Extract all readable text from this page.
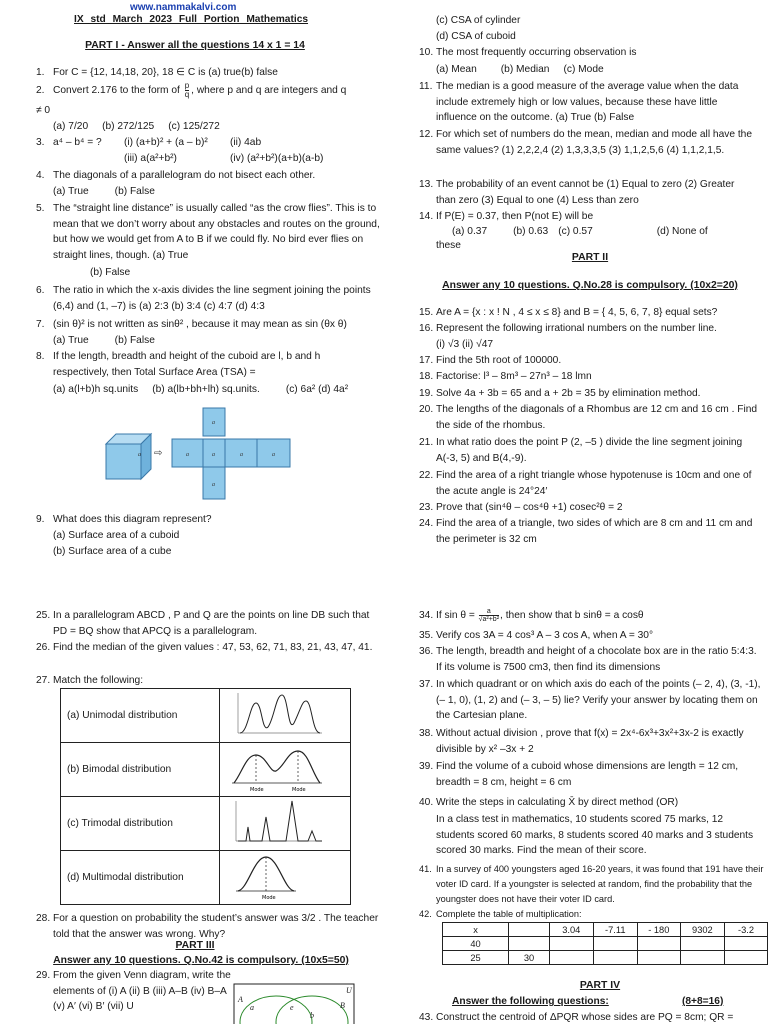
www.nammakalvi.com
IX std March 2023 Full Portion Mathematics
PART I - Answer all the questions 14 x 1 = 14
1. For C = {12, 14,18, 20}, 18 ∈ C is (a) true(b) false
2. Convert 2.176 to the form of $\frac{p}{q}$ , where p and q are integers and q
≠ 0
(a) 7/20 (b) 272/125 (c) 125/272
3. a⁴ – b⁴ = ?	(i) (a+b)² + (a – b)² (ii) 4ab
(iii) a(a²+b²)	(iv) (a²+b²)(a+b)(a-b)
4. The diagonals of a parallelogram do not bisect each other.
(a) True	(b) False
5. The “straight line distance” is usually called “as the crow flies”. This is to mean that we don’t worry about any obstacles and routes on the ground, but how we would get from A to B if we could fly. No bird ever flies on straight lines, though. (a) True
(b) False
6. The ratio in which the x-axis divides the line segment joining the points (6,4) and (1, –7) is (a) 2:3 (b) 3:4 (c) 4:7 (d) 4:3
7. (sin θ)² is not written as sinθ² , because it may mean as sin (θx θ)
(a) True	(b) False
8. If the length, breadth and height of the cuboid are l, b and h respectively, then Total Surface Area (TSA) =
(a) a(l+b)h sq.units (b) a(lb+bh+lh) sq.units.	(c) 6a² (d) 4a²
⇨
a
a	a	a	a
a
a
9. What does this diagram represent?
(a) Surface area of a cuboid
(b) Surface area of a cube
(c) CSA of cylinder
(d) CSA of cuboid
10. The most frequently occurring observation is
(a) Mean (b) Median (c) Mode
11. The median is a good measure of the average value when the data include extremely high or low values, because these have little influence on the outcome. (a) True (b) False
12. For which set of numbers do the mean, median and mode all have the same values? (1) 2,2,2,4 (2) 1,3,3,3,5 (3) 1,1,2,5,6 (4) 1,1,2,1,5.
13. The probability of an event cannot be (1) Equal to zero (2) Greater than zero (3) Equal to one (4) Less than zero
14. If P(E) = 0.37, then P(not E) will be
(a) 0.37	(b) 0.63 (c) 0.57	(d) None of
these
PART II
Answer any 10 questions. Q.No.28 is compulsory. (10x2=20)
15. Are A = {x : x ! N , 4 ≤ x ≤ 8} and B = { 4, 5, 6, 7, 8} equal sets?
16. Represent the following irrational numbers on the number line.
(i) √3 (ii) √47
17. Find the 5th root of 100000.
18. Factorise: l³ – 8m³ – 27n³ – 18 lmn
19. Solve 4a + 3b = 65 and a + 2b = 35 by elimination method.
20. The lengths of the diagonals of a Rhombus are 12 cm and 16 cm . Find the side of the rhombus.
21. In what ratio does the point P (2, –5 ) divide the line segment joining A(-3, 5) and B(4,-9).
22. Find the area of a right triangle whose hypotenuse is 10cm and one of the acute angle is 24°24′
23. Prove that (sin⁴θ – cos⁴θ +1) cosec²θ = 2
24. Find the area of a triangle, two sides of which are 8 cm and 11 cm and the perimeter is 32 cm
25. In a parallelogram ABCD , P and Q are the points on line DB such that PD = BQ show that APCQ is a parallelogram.
26. Find the median of the given values : 47, 53, 62, 71, 83, 21, 43, 47, 41.
27. Match the following:
(a) Unimodal distribution	
(b) Bimodal distribution	Mode Mode

(c) Trimodal distribution	
(d) Multimodal distribution	Mode
28. For a question on probability the student’s answer was 3/2 . The teacher told that the answer was wrong. Why?
PART III
Answer any 10 questions. Q.No.42 is compulsory. (10x5=50)
29. From the given Venn diagram, write the elements of (i) A (ii) B (iii) A–B (iv) B–A (v) A′ (vi) B′ (vii) U
A
B
U
a	e
b
34. If $\sin \theta = \frac{a}{\text{√a²+b²}}$, then show that b sinθ = a cosθ
35. Verify cos 3A = 4 cos³ A – 3 cos A, when A = 30°
36. The length, breadth and height of a chocolate box are in the ratio 5:4:3. If its volume is 7500 cm3, then find its dimensions
37. In which quadrant or on which axis do each of the points (– 2, 4), (3, -1), (– 1, 0), (1, 2) and (– 3, – 5) lie? Verify your answer by locating them on the Cartesian plane.
38. Without actual division , prove that f(x) = 2x⁴-6x³+3x²+3x-2 is exactly divisible by x² –3x + 2
39. Find the volume of a cuboid whose dimensions are length = 12 cm, breadth = 8 cm, height = 6 cm
40. Write the steps in calculating X̄ by direct method (OR)
In a class test in mathematics, 10 students scored 75 marks, 12 students scored 60 marks, 8 students scored 40 marks and 3 students scored 30 marks. Find the mean of their score.
41. In a survey of 400 youngsters aged 16-20 years, it was found that 191 have their voter ID card. If a youngster is selected at random, find the probability that the youngster does not have their voter ID card.
42. Complete the table of multiplication:
x		3.04	-7.11	- 180	9302	-3.2
40						
25	30					
PART IV
Answer the following questions:	(8+8=16)
43. Construct the centroid of ΔPQR whose sides are PQ = 8cm; QR =
